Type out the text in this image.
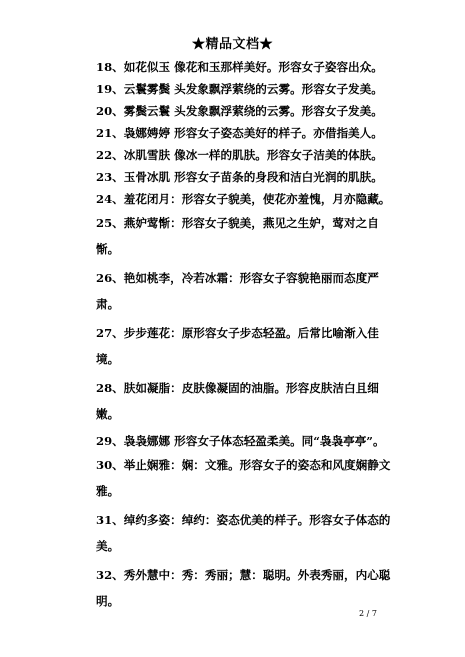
★精品文档★
18、如花似玉 像花和玉那样美好。形容女子姿容出众。
19、云鬟雾鬓 头发象飘浮萦绕的云雾。形容女子发美。
20、雾鬓云鬟 头发象飘浮萦绕的云雾。形容女子发美。
21、袅娜娉婷 形容女子姿态美好的样子。亦借指美人。
22、冰肌雪肤 像冰一样的肌肤。形容女子洁美的体肤。
23、玉骨冰肌 形容女子苗条的身段和洁白光润的肌肤。
24、羞花闭月：形容女子貌美，使花亦羞愧，月亦隐藏。
25、燕妒莺惭：形容女子貌美，燕见之生妒，莺对之自惭。
26、艳如桃李，冷若冰霜：形容女子容貌艳丽而态度严肃。
27、步步莲花：原形容女子步态轻盈。后常比喻渐入佳境。
28、肤如凝脂：皮肤像凝固的油脂。形容皮肤洁白且细嫩。
29、袅袅娜娜 形容女子体态轻盈柔美。同“袅袅亭亭”。
30、举止娴雅：娴：文雅。形容女子的姿态和风度娴静文雅。
31、绰约多姿：绰约：姿态优美的样子。形容女子体态的美。
32、秀外慧中：秀：秀丽；慧：聪明。外表秀丽，内心聪明。
2 / 7
